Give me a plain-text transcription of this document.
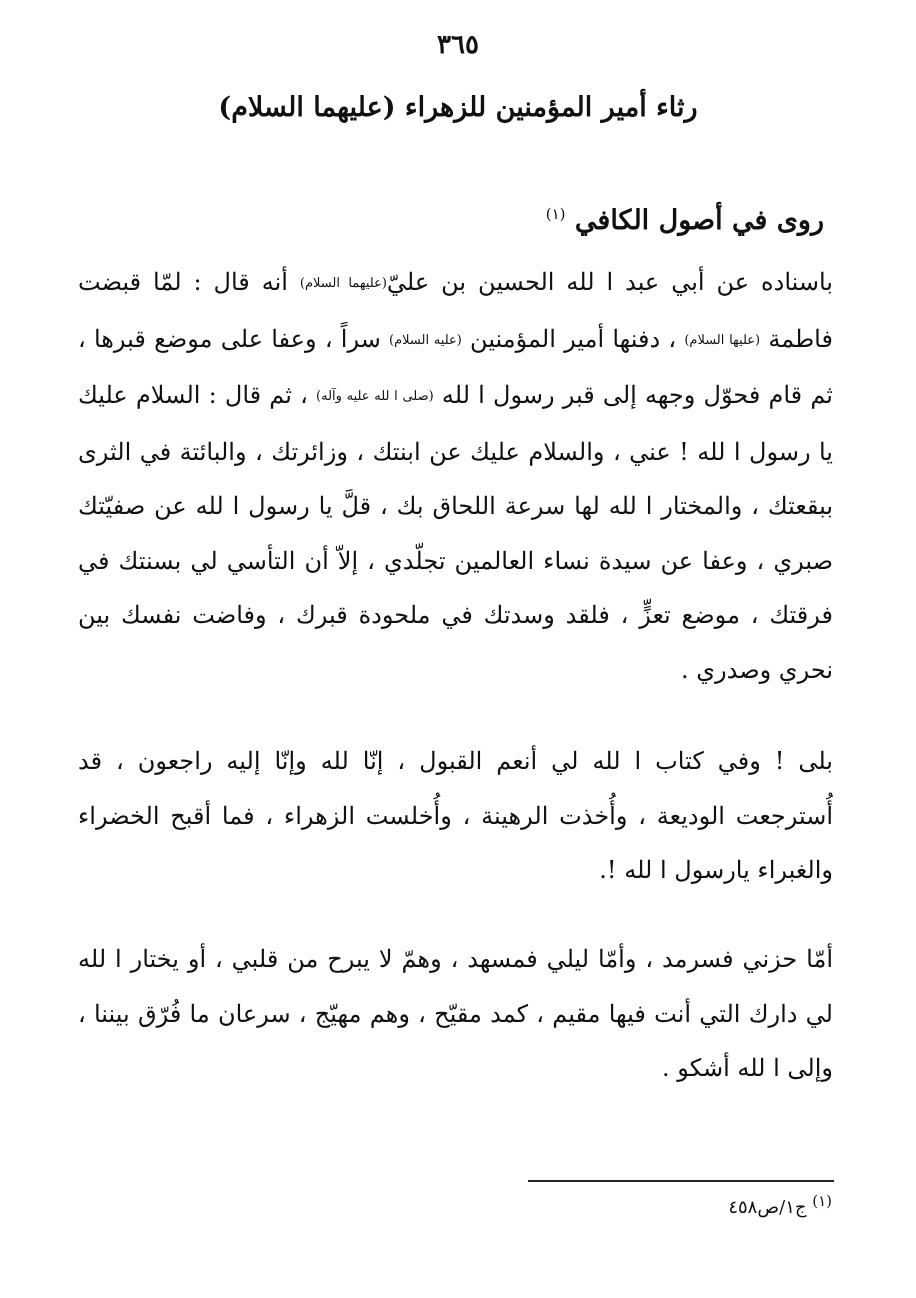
٣٦٥
رثاء أمير المؤمنين للزهراء (عليهما السلام)
روى في أصول الكافي $^{(١)}$
باسناده عن أبي عبد ا لله الحسين بن عليّ(عليهما السلام) أنه قال : لمّا قبضت فاطمة (عليها السلام) ، دفنها أمير المؤمنين (عليه السلام) سراً ، وعفا على موضع قبرها ، ثم قام فحوّل وجهه إلى قبر رسول ا لله (صلى ا لله عليه وآله) ، ثم قال : السلام عليك يا رسول ا لله ! عني ، والسلام عليك عن ابنتك ، وزائرتك ، والبائتة في الثرى ببقعتك ، والمختار ا لله لها سرعة اللحاق بك ، قلَّ يا رسول ا لله عن صفيّتك صبري ، وعفا عن سيدة نساء العالمين تجلّدي ، إلاّ أن التأسي لي بسنتك في فرقتك ، موضع تعزٍّ ، فلقد وسدتك في ملحودة قبرك ، وفاضت نفسك بين نحري وصدري .
بلى ! وفي كتاب ا لله لي أنعم القبول ، إنّا لله وإنّا إليه راجعون ، قد أُسترجعت الوديعة ، وأُخذت الرهينة ، وأُخلست الزهراء ، فما أقبح الخضراء والغبراء يارسول ا لله !.
أمّا حزني فسرمد ، وأمّا ليلي فمسهد ، وهمّ لا يبرح من قلبي ، أو يختار ا لله لي دارك التي أنت فيها مقيم ، كمد مقيّح ، وهم مهيّج ، سرعان ما فُرّق بيننا ، وإلى ا لله أشكو .
$^{(١)}$ ج١/ص٤٥٨
